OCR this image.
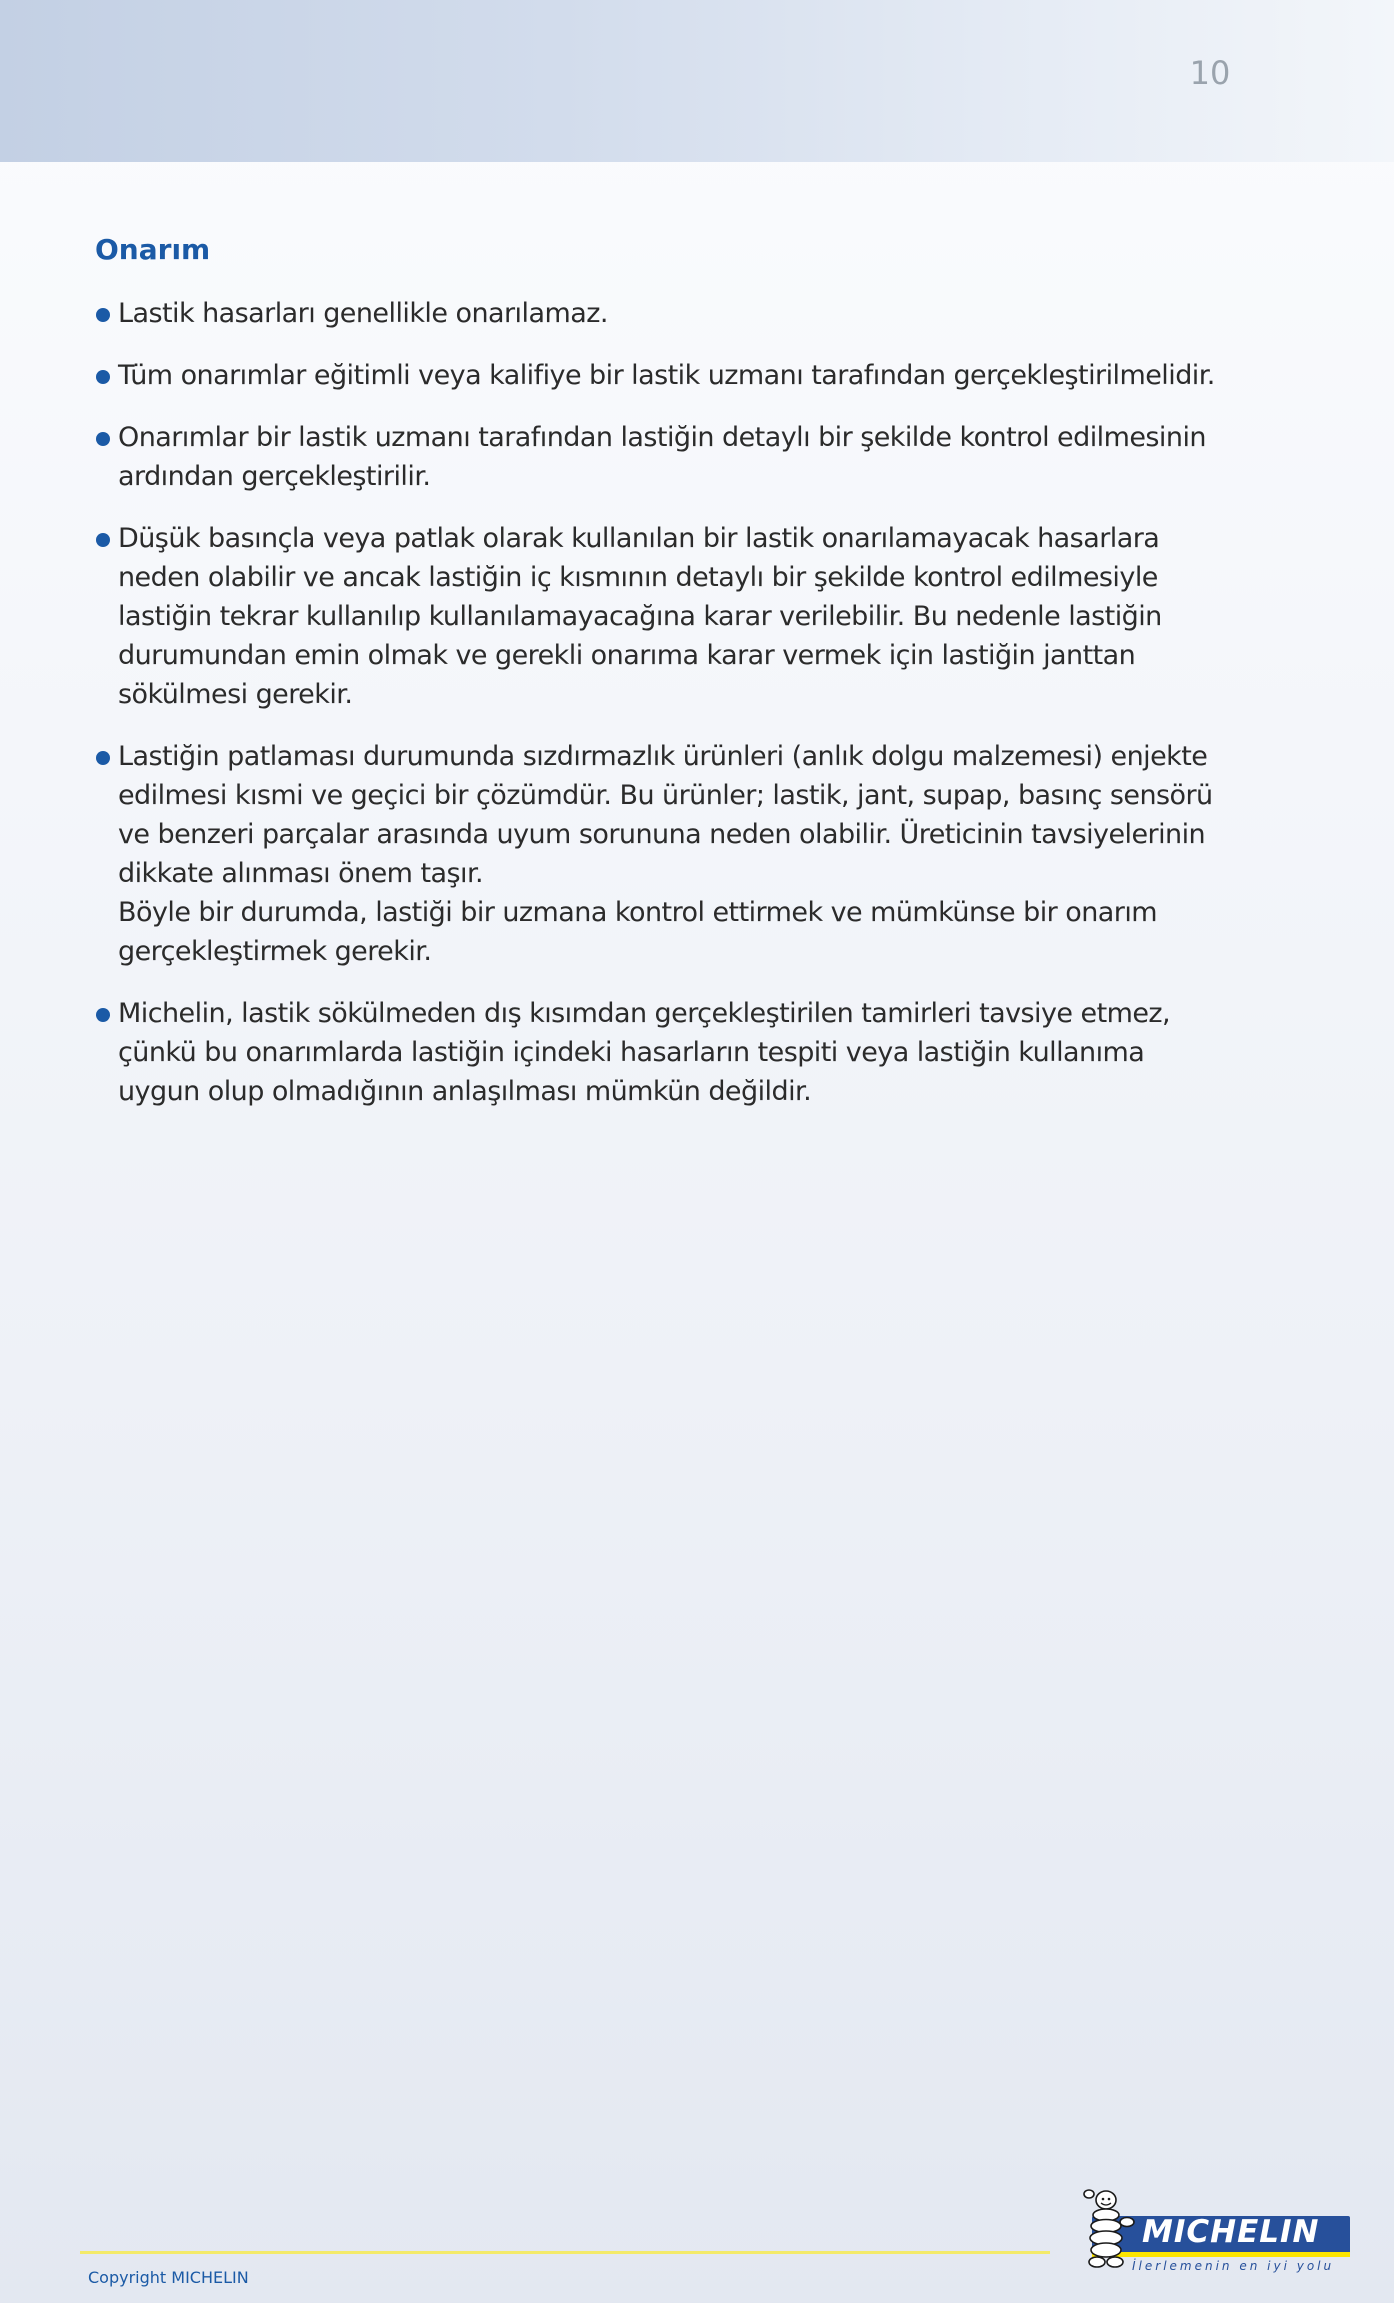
10
Onarım
Lastik hasarları genellikle onarılamaz.
Tüm onarımlar eğitimli veya kalifiye bir lastik uzmanı tarafından gerçekleştirilmelidir.
Onarımlar bir lastik uzmanı tarafından lastiğin detaylı bir şekilde kontrol edilmesinin
ardından gerçekleştirilir.
Düşük basınçla veya patlak olarak kullanılan bir lastik onarılamayacak hasarlara
neden olabilir ve ancak lastiğin iç kısmının detaylı bir şekilde kontrol edilmesiyle
lastiğin tekrar kullanılıp kullanılamayacağına karar verilebilir. Bu nedenle lastiğin
durumundan emin olmak ve gerekli onarıma karar vermek için lastiğin janttan
sökülmesi gerekir.
Lastiğin patlaması durumunda sızdırmazlık ürünleri (anlık dolgu malzemesi) enjekte
edilmesi kısmi ve geçici bir çözümdür. Bu ürünler; lastik, jant, supap, basınç sensörü
ve benzeri parçalar arasında uyum sorununa neden olabilir. Üreticinin tavsiyelerinin
dikkate alınması önem taşır.
Böyle bir durumda, lastiği bir uzmana kontrol ettirmek ve mümkünse bir onarım
gerçekleştirmek gerekir.
Michelin, lastik sökülmeden dış kısımdan gerçekleştirilen tamirleri tavsiye etmez,
çünkü bu onarımlarda lastiğin içindeki hasarların tespiti veya lastiğin kullanıma
uygun olup olmadığının anlaşılması mümkün değildir.
Copyright MICHELIN
MICHELIN
İlerlemenin en iyi yolu
